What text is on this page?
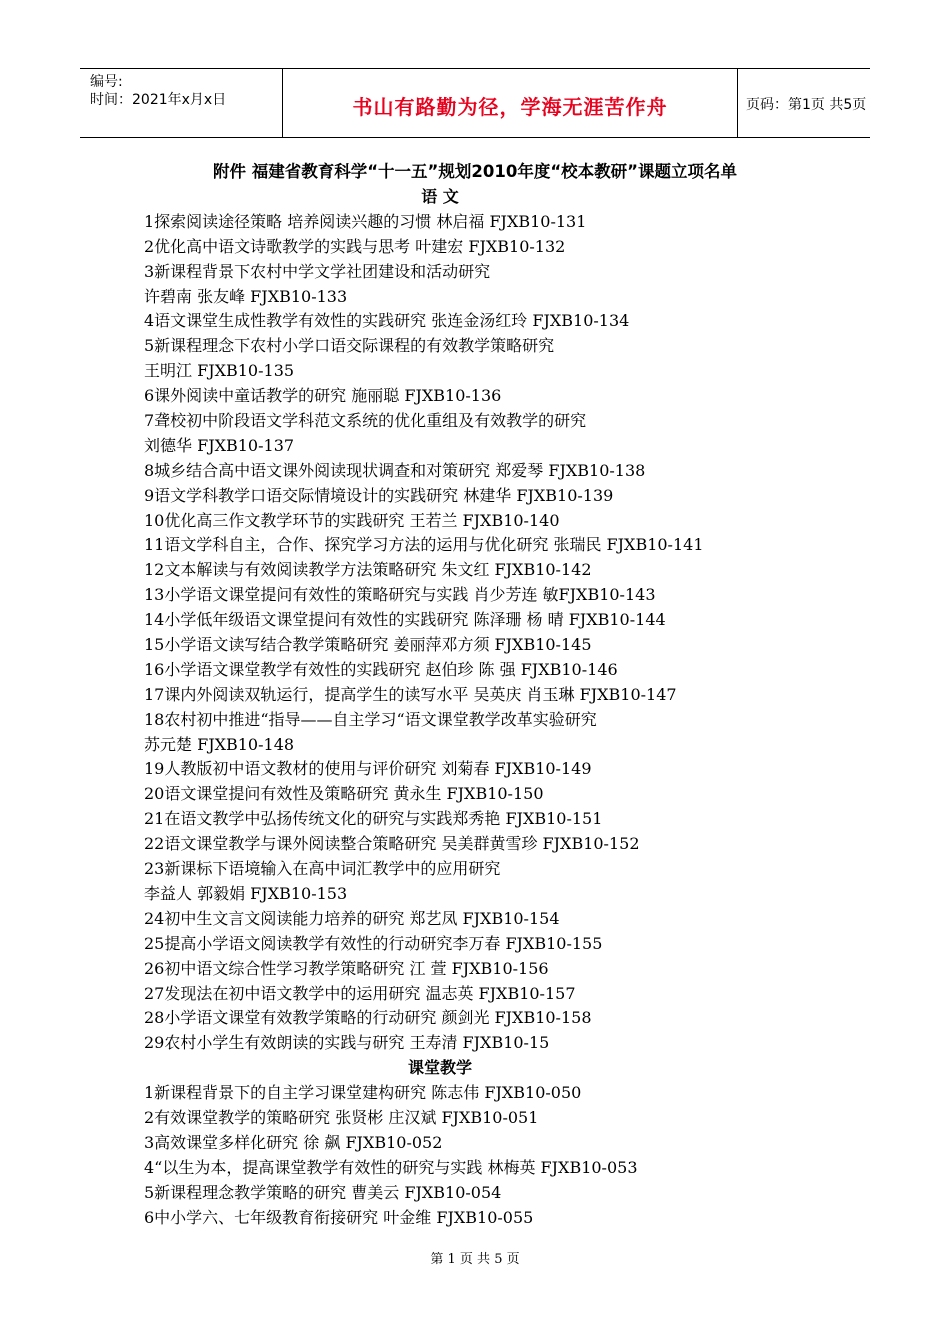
编号:
时间：2021年x月x日	书山有路勤为径，学海无涯苦作舟	页码：第1页 共5页
附件 福建省教育科学“十一五”规划2010年度“校本教研”课题立项名单
语 文
1探索阅读途径策略 培养阅读兴趣的习惯 林启福 FJXB10-131
2优化高中语文诗歌教学的实践与思考 叶建宏 FJXB10-132
3新课程背景下农村中学文学社团建设和活动研究
许碧南 张友峰 FJXB10-133
4语文课堂生成性教学有效性的实践研究 张连金汤红玲 FJXB10-134
5新课程理念下农村小学口语交际课程的有效教学策略研究
王明江 FJXB10-135
6课外阅读中童话教学的研究 施丽聪 FJXB10-136
7聋校初中阶段语文学科范文系统的优化重组及有效教学的研究
刘德华 FJXB10-137
8城乡结合高中语文课外阅读现状调查和对策研究 郑爱琴 FJXB10-138
9语文学科教学口语交际情境设计的实践研究 林建华 FJXB10-139
10优化高三作文教学环节的实践研究 王若兰 FJXB10-140
11语文学科自主，合作、探究学习方法的运用与优化研究 张瑞民 FJXB10-141
12文本解读与有效阅读教学方法策略研究 朱文红 FJXB10-142
13小学语文课堂提问有效性的策略研究与实践 肖少芳连 敏FJXB10-143
14小学低年级语文课堂提问有效性的实践研究 陈泽珊 杨 晴 FJXB10-144
15小学语文读写结合教学策略研究 姜丽萍邓方须 FJXB10-145
16小学语文课堂教学有效性的实践研究 赵伯珍 陈 强 FJXB10-146
17课内外阅读双轨运行，提高学生的读写水平 吴英庆 肖玉琳 FJXB10-147
18农村初中推进“指导——自主学习“语文课堂教学改革实验研究
苏元楚 FJXB10-148
19人教版初中语文教材的使用与评价研究 刘菊春 FJXB10-149
20语文课堂提问有效性及策略研究 黄永生 FJXB10-150
21在语文教学中弘扬传统文化的研究与实践郑秀艳 FJXB10-151
22语文课堂教学与课外阅读整合策略研究 吴美群黄雪珍 FJXB10-152
23新课标下语境输入在高中词汇教学中的应用研究
李益人 郭毅娟 FJXB10-153
24初中生文言文阅读能力培养的研究 郑艺凤 FJXB10-154
25提高小学语文阅读教学有效性的行动研究李万春 FJXB10-155
26初中语文综合性学习教学策略研究 江 萱 FJXB10-156
27发现法在初中语文教学中的运用研究 温志英 FJXB10-157
28小学语文课堂有效教学策略的行动研究 颜剑光 FJXB10-158
29农村小学生有效朗读的实践与研究 王寿清 FJXB10-15
课堂教学
1新课程背景下的自主学习课堂建构研究 陈志伟 FJXB10-050
2有效课堂教学的策略研究 张贤彬 庄汉斌 FJXB10-051
3高效课堂多样化研究 徐 飙 FJXB10-052
4“以生为本，提高课堂教学有效性的研究与实践 林梅英 FJXB10-053
5新课程理念教学策略的研究 曹美云 FJXB10-054
6中小学六、七年级教育衔接研究 叶金维 FJXB10-055
第 1 页 共 5 页
